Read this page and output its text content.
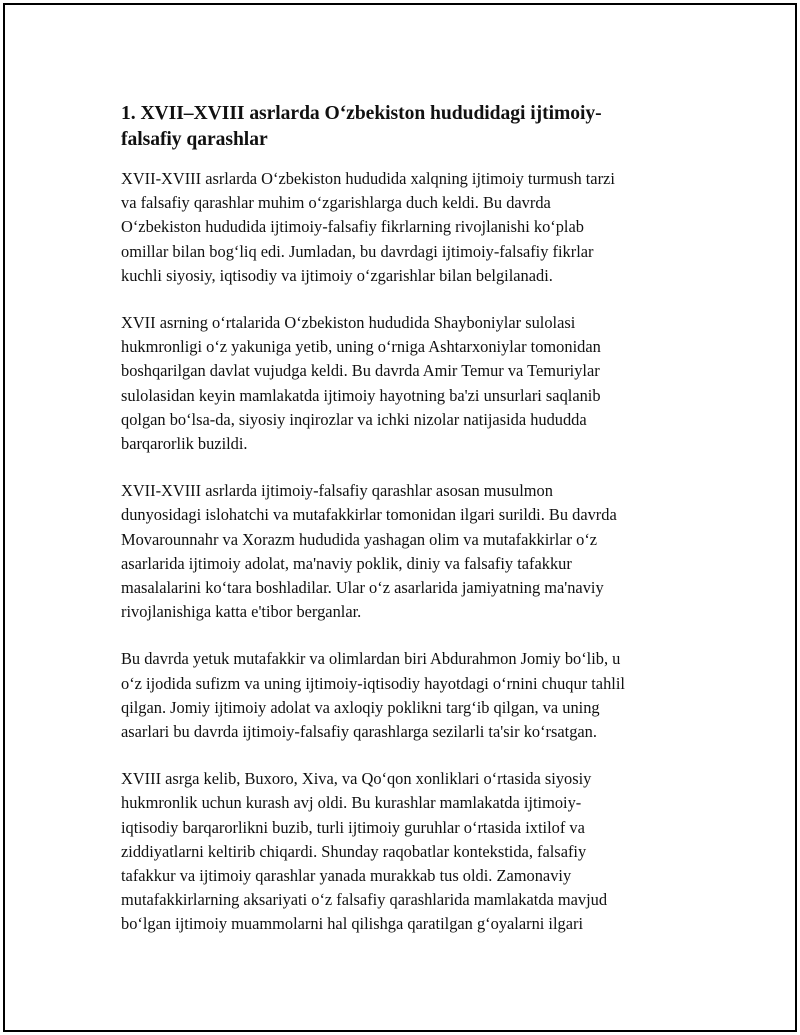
1. XVII–XVIII asrlarda O‘zbekiston hududidagi ijtimoiy-
falsafiy qarashlar

XVII-XVIII asrlarda O‘zbekiston hududida xalqning ijtimoiy turmush tarzi
va falsafiy qarashlar muhim o‘zgarishlarga duch keldi. Bu davrda
O‘zbekiston hududida ijtimoiy-falsafiy fikrlarning rivojlanishi ko‘plab
omillar bilan bog‘liq edi. Jumladan, bu davrdagi ijtimoiy-falsafiy fikrlar
kuchli siyosiy, iqtisodiy va ijtimoiy o‘zgarishlar bilan belgilanadi.

XVII asrning o‘rtalarida O‘zbekiston hududida Shayboniylar sulolasi
hukmronligi o‘z yakuniga yetib, uning o‘rniga Ashtarxoniylar tomonidan
boshqarilgan davlat vujudga keldi. Bu davrda Amir Temur va Temuriylar
sulolasidan keyin mamlakatda ijtimoiy hayotning ba'zi unsurlari saqlanib
qolgan bo‘lsa-da, siyosiy inqirozlar va ichki nizolar natijasida hududda
barqarorlik buzildi.

XVII-XVIII asrlarda ijtimoiy-falsafiy qarashlar asosan musulmon
dunyosidagi islohatchi va mutafakkirlar tomonidan ilgari surildi. Bu davrda
Movarounnahr va Xorazm hududida yashagan olim va mutafakkirlar o‘z
asarlarida ijtimoiy adolat, ma'naviy poklik, diniy va falsafiy tafakkur
masalalarini ko‘tara boshladilar. Ular o‘z asarlarida jamiyatning ma'naviy
rivojlanishiga katta e'tibor berganlar.

Bu davrda yetuk mutafakkir va olimlardan biri Abdurahmon Jomiy bo‘lib, u
o‘z ijodida sufizm va uning ijtimoiy-iqtisodiy hayotdagi o‘rnini chuqur tahlil
qilgan. Jomiy ijtimoiy adolat va axloqiy poklikni targ‘ib qilgan, va uning
asarlari bu davrda ijtimoiy-falsafiy qarashlarga sezilarli ta'sir ko‘rsatgan.

XVIII asrga kelib, Buxoro, Xiva, va Qo‘qon xonliklari o‘rtasida siyosiy
hukmronlik uchun kurash avj oldi. Bu kurashlar mamlakatda ijtimoiy-
iqtisodiy barqarorlikni buzib, turli ijtimoiy guruhlar o‘rtasida ixtilof va
ziddiyatlarni keltirib chiqardi. Shunday raqobatlar kontekstida, falsafiy
tafakkur va ijtimoiy qarashlar yanada murakkab tus oldi. Zamonaviy
mutafakkirlarning aksariyati o‘z falsafiy qarashlarida mamlakatda mavjud
bo‘lgan ijtimoiy muammolarni hal qilishga qaratilgan g‘oyalarni ilgari
